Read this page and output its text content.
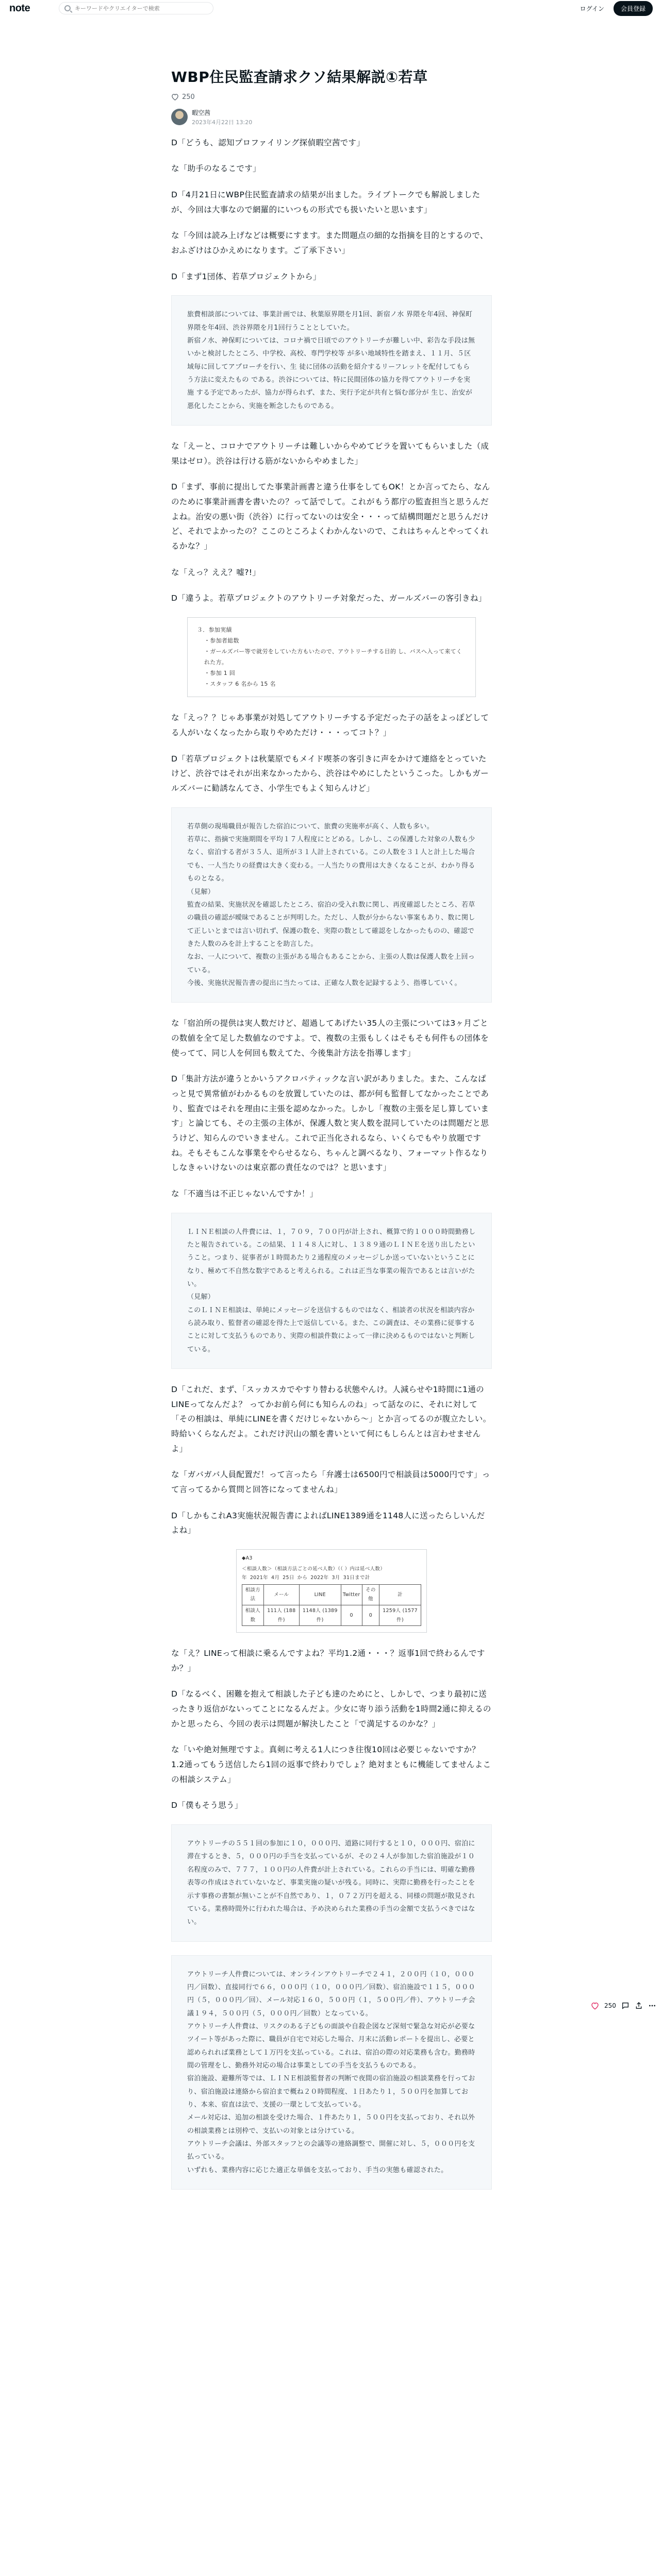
note
キーワードやクリエイターで検索	ログイン	会員登録
WBP住民監査請求クソ結果解説①若草
250
暇空茜
2023年4月22日 13:20

D「どうも、認知プロファイリング探偵暇空茜です」

な「助手のなるこです」

D「4月21日にWBP住民監査請求の結果が出ました。ライブトークでも解説しましたが、今回は大事なので網羅的にいつもの形式でも扱いたいと思います」

な「今回は読み上げなどは概要にすます。また問題点の細的な指摘を目的とするので、おふざけはひかえめになります。ご了承下さい」

D「まず1団体、若草プロジェクトから」

旅費相談部については、事業計画では、秋葉原界隈を月1回、新宿ノ水 界隈を年4回、神保町界隈を年4回、渋谷界隈を月1回行うこととしていた。

新宿ノ水、神保町については、コロナ禍で日頃でのアウトリーチが難しい中、彩告な手段は無いかと検討したところ、中学校、高校、専門学校等 が多い地域特性を踏まえ、１１月、５区域毎に回してアプローチを行い、生 徒に団体の活動を紹介するリーフレットを配付してもらう方法に変えたもの である。渋谷については、特に民間団体の協力を得てアウトリーチを実施 する予定であったが、協力が得られず、また、実行予定が共有と悩む部分が 生じ、治安が悪化したことから、実施を断念したものである。

な「えーと、コロナでアウトリーチは難しいからやめてビラを置いてもらいました（成果はゼロ）。渋谷は行ける筋がないからやめました」

D「まず、事前に提出してた事業計画書と違う仕事をしてもOK！とか言ってたら、なんのために事業計画書を書いたの？って話でして。これがもう都庁の監査担当と思うんだよね。治安の悪い街（渋谷）に行ってないのは安全・・・って結構問題だと思うんだけど、それでよかったの？ここのところよくわかんないので、これはちゃんとやってくれるかな？」

な「えっ？ええ？嘘?!」

D「違うよ。若草プロジェクトのアウトリーチ対象だった、ガールズバーの客引きね」

３．参加実績
・参加者総数
・ガールズバー等で就労をしていた方もいたので、アウトリーチする目的 し、バスへ入って来てくれた方。
・参加 1 回
・スタッフ 6 名から 15 名

な「えっ？？じゃあ事業が対処してアウトリーチする予定だった子の話をよっぽどしてる人がいなくなったから取りやめただけ・・・ってコト？」

D「若草プロジェクトは秋葉原でもメイド喫茶の客引きに声をかけて連絡をとっていたけど、渋谷ではそれが出来なかったから、渋谷はやめにしたというこった。しかもガールズバーに勧誘なんてさ、小学生でもよく知らんけど」

若草側の現場職員が報告した宿泊について、旅費の実施率が高く、人数も多い。

若草に、指摘で実施期間を平均１７人程度にとどめる。しかし、この保護した対象の人数も少なく、宿泊する者が３５人、退所が３１人計上されている。この人数を３１人と計上した場合でも、一人当たりの経費は大きく変わる。一人当たりの費用は大きくなることが、わかり得るものとなる。

（見解）

監査の結果、実施状況を確認したところ、宿泊の受入れ数に関し、再度確認したところ、若草の職員の確認が曖昧であることが判明した。ただし、人数が分からない事案もあり、数に関して正しいとまでは言い切れず、保護の数を、実際の数として確認をしなかったものの、確認できた人数のみを計上することを助言した。

なお、一人について、複数の主張がある場合もあることから、主張の人数は保護人数を上回っている。

今後、実施状況報告書の提出に当たっては、正確な人数を記録するよう、指導していく。

な「宿泊所の提供は実人数だけど、超過してあげたい35人の主張については3ヶ月ごとの数値を全て足した数値なのですよ。で、複数の主張もしくはそもそも何件もの団体を使ってて、同じ人を何回も数えてた、今後集計方法を指導します」

D「集計方法が違うとかいうアクロバティックな言い訳がありました。また、こんなぱっと見で異常値がわかるものを放置していたのは、都が何も監督してなかったことであり、監査ではそれを理由に主張を認めなかった。しかし「複数の主張を足し算しています」と論じても、その主張の主体が、保護人数と実人数を混同していたのは問題だと思うけど、知らんのでいきません。これで正当化されるなら、いくらでもやり放題ですね。そもそもこんな事業をやらせるなら、ちゃんと調べるなり、フォーマット作るなりしなきゃいけないのは東京都の責任なのでは？と思います」

な「不適当は不正じゃないんですか！」

ＬＩＮＥ相談の人件費には、１，７０９，７００円が計上され、概算で約１０００時間勤務したと報告されている。この結果、１１４８人に対し、１３８９通のＬＩＮＥを送り出したということ。つまり、従事者が１時間あたり２通程度のメッセージしか送っていないということになり、極めて不自然な数字であると考えられる。これは正当な事業の報告であるとは言いがたい。

（見解）

このＬＩＮＥ相談は、単純にメッセージを送信するものではなく、相談者の状況を相談内容から読み取り、監督者の確認を得た上で返信している。また、この調査は、その業務に従事することに対して支払うものであり、実際の相談件数によって一律に決めるものではないと判断している。

D「これだ、まず、「スッカスカでやすり替わる状態やんけ。人減らせや1時間に1通のLINEってなんだよ？ ってかお前ら何にも知らんのね」って話なのに、それに対して「その相談は、単純にLINEを書くだけじゃないから～」とか言ってるのが腹立たしい。時給いくらなんだよ。これだけ沢山の額を書いといて何にもしらんとは言わせませんよ」

な「ガバガバ人員配置だ！って言ったら「弁護士は6500円で相談員は5000円です」って言ってるから質問と回答になってませんね」

D「しかもこれA3実施状況報告書によればLINE1389通を1148人に送ったらしいんだよね」

◆A3
＜相談人数＞（相談方法ごとの延べ人数）（（ ）内は延べ人数）
年 2021年 4月 25日 から 2022年 3月 31日まで計
相談方法	メール	LINE	Twitter	その他	計
相談人数	111人 (188件)	1148人 (1389件)	0	0	1259人 (1577件)

な「え？LINEって相談に乗るんですよね？平均1.2通・・・？返事1回で終わるんですか？」

D「なるべく、困難を抱えて相談した子ども達のためにと、しかしで、つまり最初に送ったきり返信がないってことになるんだよ。少女に寄り添う活動を1時間2通に抑えるのかと思ったら、今回の表示は問題が解決したこと「で満足するのかな？」

な「いや絶対無理ですよ。真剣に考える1人につき往復10回は必要じゃないですか？1.2通ってもう送信したら1回の返事で終わりでしょ？絶対まともに機能してませんよこの相談システム」

D「僕もそう思う」

アウトリーチの５５１回の参加に１０，０００円、道路に同行すると１０，０００円、宿泊に滞在するとき、５，０００円の手当を支払っているが、その２４人が参加した宿泊施設が１０名程度のみで、７７７，１００円の人件費が計上されている。これらの手当には、明確な勤務表等の作成はされていないなど、事業実施の疑いが残る。同時に、実際に勤務を行ったことを示す事務の書類が無いことが不自然であり、１，０７２万円を超える、同様の問題が散見されている。業務時間外に行われた場合は、予め決められた業務の手当の金額で支払うべきではない。

アウトリーチ人件費については、オンラインアウトリーチで２４１，２００円（１０，０００円／回数）、直接同行で６６，０００円（１０，０００円／回数）、宿泊施設で１１５，０００円（５，０００円／回）、メール対応１６０，５００円（１，５００円／件）、アウトリーチ会議１９４，５００円（５，０００円／回数）となっている。

アウトリーチ人件費は、リスクのある子どもの面談や自殺企図など深刻で緊急な対応が必要なツイート等があった際に、職員が自宅で対応した場合、月末に活動レポートを提出し、必要と認められれば業務として１万円を支払っている。これは、宿泊の際の対応業務も含む。勤務時間の管理をし、勤務外対応の場合は事業としての手当を支払うものである。

宿泊施設、避難所等では、ＬＩＮＥ相談監督者の判断で夜間の宿泊施設の相談業務を行っており、宿泊施設は連絡から宿泊まで概ね２０時間程度、１日あたり１，５００円を加算しており、本来、宿直は法で、支援の一環として支払っている。

メール対応は、追加の相談を受けた場合、１件あたり１，５００円を支払っており、それ以外の相談業務とは別枠で、支払いの対象とは分けている。

アウトリーチ会議は、外部スタッフとの会議等の連絡調整で、開催に対し、５，０００円を支払っている。

いずれも、業務内容に応じた適正な単価を支払っており、手当の実態も確認された。

250
